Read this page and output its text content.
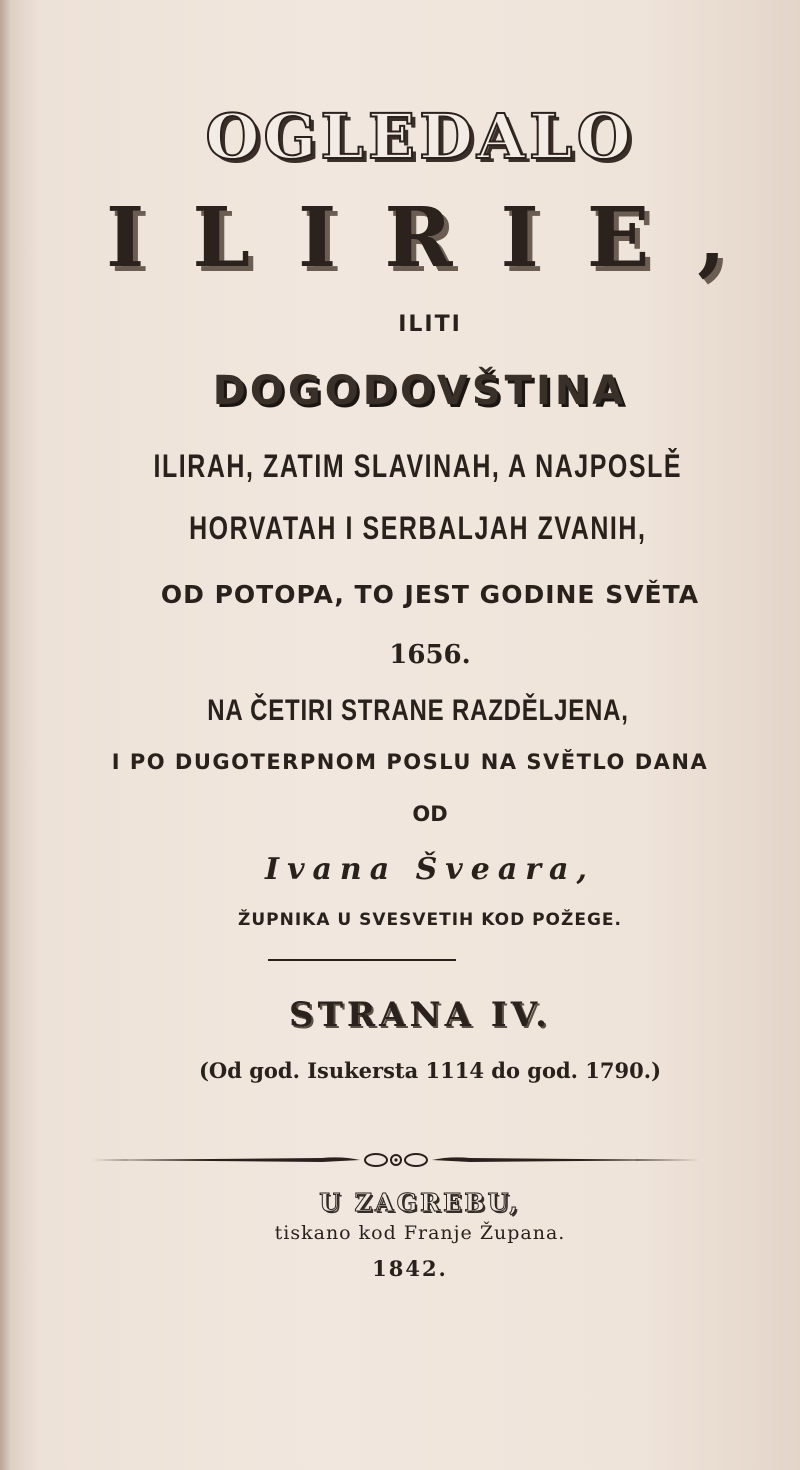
OGLEDALO
ILIRIE,
ILITI
DOGODOVŠTINA
ILIRAH, ZATIM SLAVINAH, A NAJPOSLĚ
HORVATAH I SERBALJAH ZVANIH,
OD POTOPA, TO JEST GODINE SVĚTA
1656.
NA ČETIRI STRANE RAZDĚLJENA,
I PO DUGOTERPNOM POSLU NA SVĚTLO DANA
OD
Ivana Šveara,
ŽUPNIKA U SVESVETIH KOD POŽEGE.
STRANA IV.
(Od god. Isukersta 1114 do god. 1790.)
U ZAGREBU,
tiskano kod Franje Župana.
1842.
